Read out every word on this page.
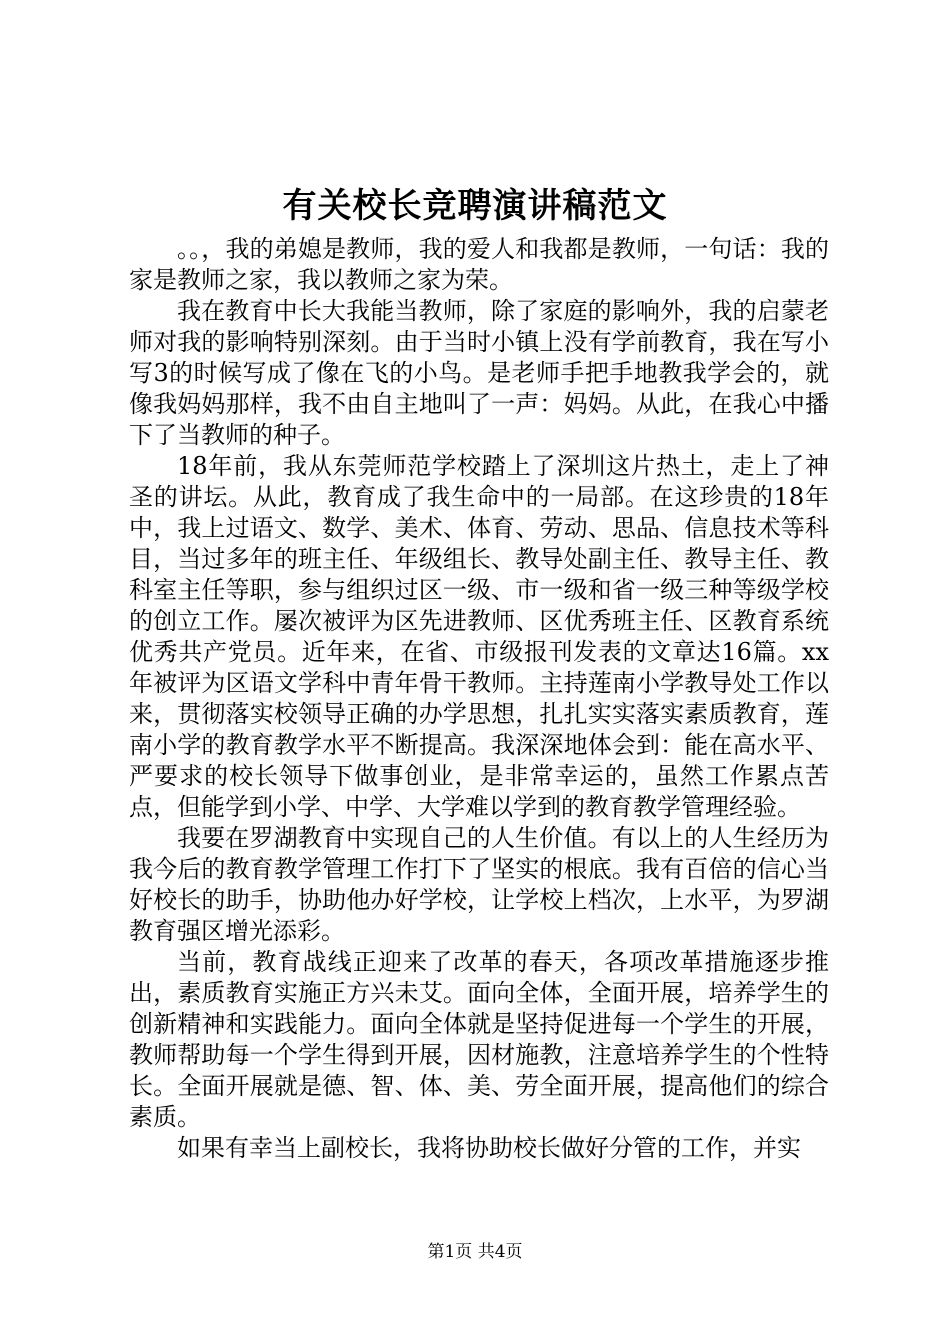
有关校长竞聘演讲稿范文

。。，我的弟媳是教师，我的爱人和我都是教师，一句话：我的家是教师之家，我以教师之家为荣。

我在教育中长大我能当教师，除了家庭的影响外，我的启蒙老师对我的影响特别深刻。由于当时小镇上没有学前教育，我在写小写3的时候写成了像在飞的小鸟。是老师手把手地教我学会的，就像我妈妈那样，我不由自主地叫了一声：妈妈。从此，在我心中播下了当教师的种子。

18年前，我从东莞师范学校踏上了深圳这片热土，走上了神圣的讲坛。从此，教育成了我生命中的一局部。在这珍贵的18年中，我上过语文、数学、美术、体育、劳动、思品、信息技术等科目，当过多年的班主任、年级组长、教导处副主任、教导主任、教科室主任等职，参与组织过区一级、市一级和省一级三种等级学校的创立工作。屡次被评为区先进教师、区优秀班主任、区教育系统优秀共产党员。近年来，在省、市级报刊发表的文章达16篇。xx年被评为区语文学科中青年骨干教师。主持莲南小学教导处工作以来，贯彻落实校领导正确的办学思想，扎扎实实落实素质教育，莲南小学的教育教学水平不断提高。我深深地体会到：能在高水平、严要求的校长领导下做事创业，是非常幸运的，虽然工作累点苦点，但能学到小学、中学、大学难以学到的教育教学管理经验。

我要在罗湖教育中实现自己的人生价值。有以上的人生经历为我今后的教育教学管理工作打下了坚实的根底。我有百倍的信心当好校长的助手，协助他办好学校，让学校上档次，上水平，为罗湖教育强区增光添彩。

当前，教育战线正迎来了改革的春天，各项改革措施逐步推出，素质教育实施正方兴未艾。面向全体，全面开展，培养学生的创新精神和实践能力。面向全体就是坚持促进每一个学生的开展，教师帮助每一个学生得到开展，因材施教，注意培养学生的个性特长。全面开展就是德、智、体、美、劳全面开展，提高他们的综合素质。

如果有幸当上副校长，我将协助校长做好分管的工作，并实

第1页 共4页
